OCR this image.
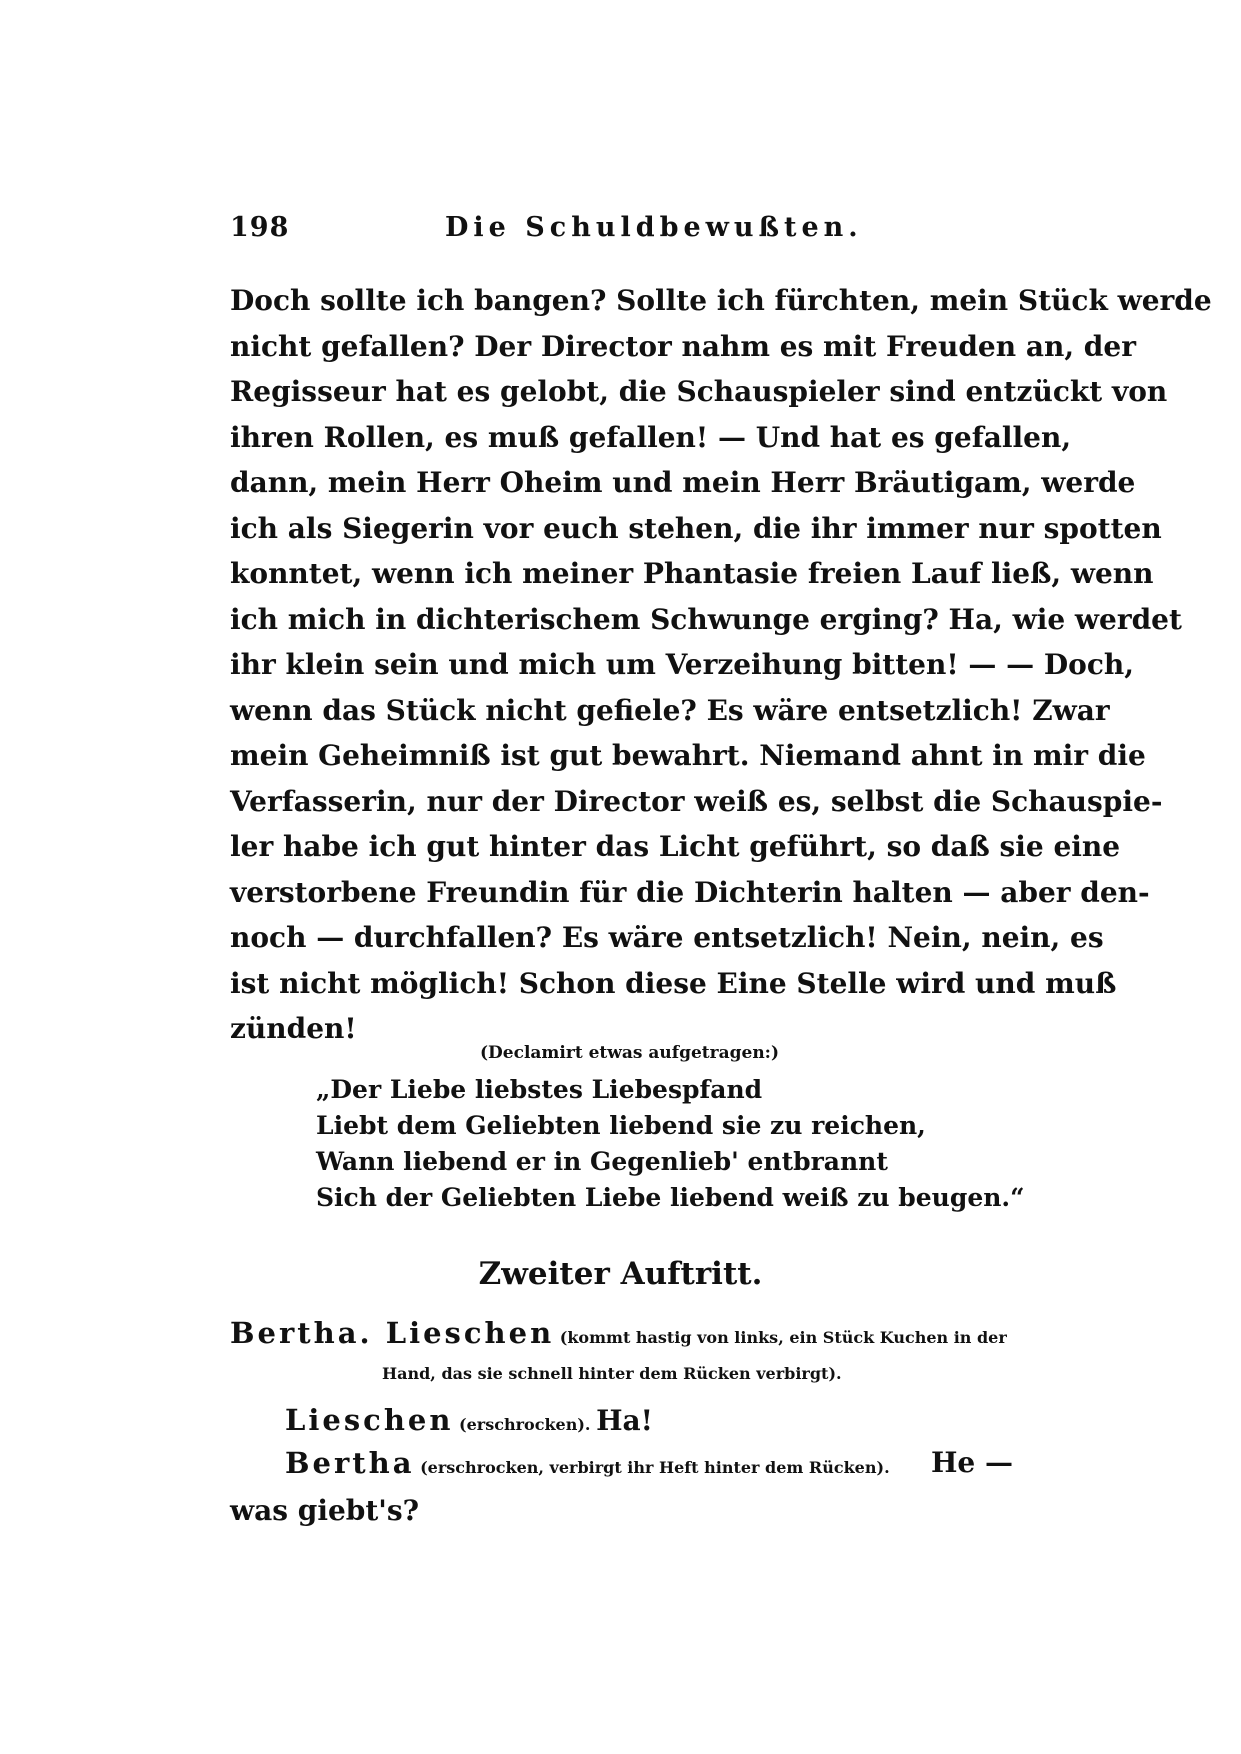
198	Die Schuldbewußten.
Doch sollte ich bangen? Sollte ich fürchten, mein Stück werde
nicht gefallen? Der Director nahm es mit Freuden an, der
Regisseur hat es gelobt, die Schauspieler sind entzückt von
ihren Rollen, es muß gefallen! — Und hat es gefallen,
dann, mein Herr Oheim und mein Herr Bräutigam, werde
ich als Siegerin vor euch stehen, die ihr immer nur spotten
konntet, wenn ich meiner Phantasie freien Lauf ließ, wenn
ich mich in dichterischem Schwunge erging? Ha, wie werdet
ihr klein sein und mich um Verzeihung bitten! — — Doch,
wenn das Stück nicht gefiele? Es wäre entsetzlich! Zwar
mein Geheimniß ist gut bewahrt. Niemand ahnt in mir die
Verfasserin, nur der Director weiß es, selbst die Schauspie-
ler habe ich gut hinter das Licht geführt, so daß sie eine
verstorbene Freundin für die Dichterin halten — aber den-
noch — durchfallen? Es wäre entsetzlich! Nein, nein, es
ist nicht möglich! Schon diese Eine Stelle wird und muß
zünden!
(Declamirt etwas aufgetragen:)
„Der Liebe liebstes Liebespfand
Liebt dem Geliebten liebend sie zu reichen,
Wann liebend er in Gegenlieb' entbrannt
Sich der Geliebten Liebe liebend weiß zu beugen.“
Zweiter Auftritt.
Bertha. Lieschen (kommt hastig von links, ein Stück Kuchen in der
Hand, das sie schnell hinter dem Rücken verbirgt).
Lieschen (erschrocken). Ha!
Bertha (erschrocken, verbirgt ihr Heft hinter dem Rücken). He —
was giebt's?
